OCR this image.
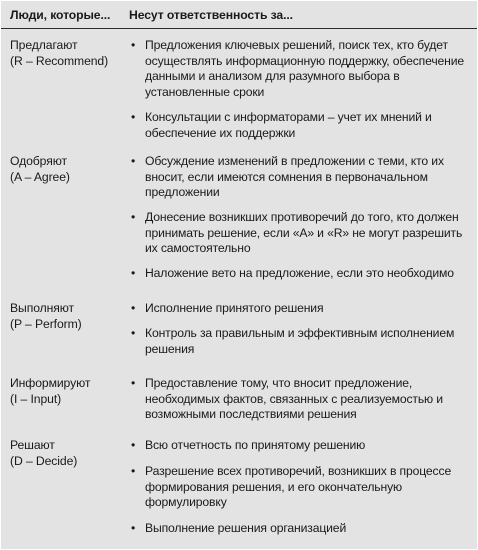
Люди, которые... Несут ответственность за...
Предлагают
(R – Recommend)
• Предложения ключевых решений, поиск тех, кто будет осуществлять информационную поддержку, обеспечение данными и анализом для разумного выбора в установленные сроки
• Консультации с информаторами – учет их мнений и обеспечение их поддержки
Одобряют
(A – Agree)
• Обсуждение изменений в предложении с теми, кто их вносит, если имеются сомнения в первоначальном предложении
• Донесение возникших противоречий до того, кто должен принимать решение, если «A» и «R» не могут разрешить их самостоятельно
• Наложение вето на предложение, если это необходимо
Выполняют
(P – Perform)
• Исполнение принятого решения
• Контроль за правильным и эффективным исполнением решения
Информируют
(I – Input)
• Предоставление тому, что вносит предложение, необходимых фактов, связанных с реализуемостью и возможными последствиями решения
Решают
(D – Decide)
• Всю отчетность по принятому решению
• Разрешение всех противоречий, возникших в процессе формирования решения, и его окончательную формулировку
• Выполнение решения организацией
